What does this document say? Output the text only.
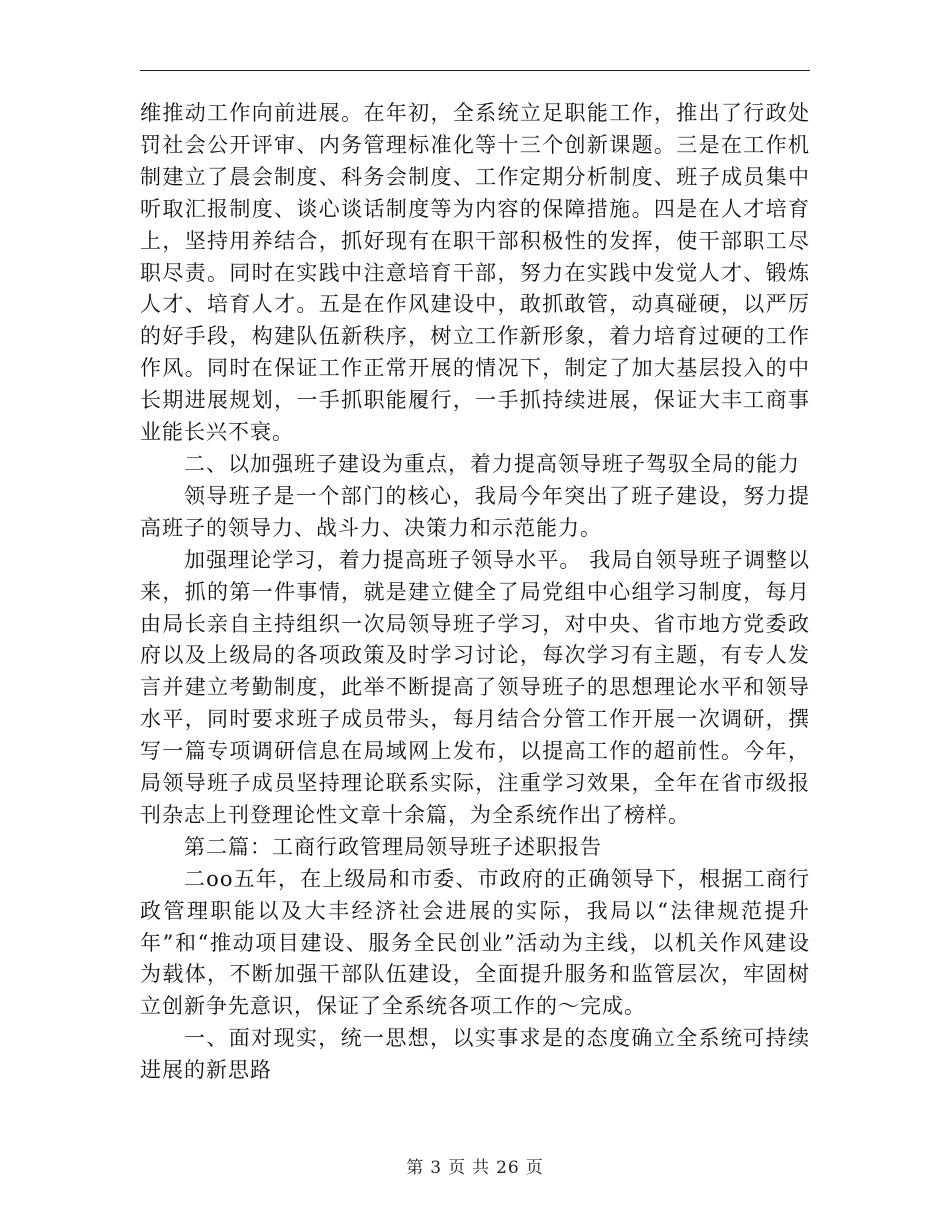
维推动工作向前进展。在年初，全系统立足职能工作，推出了行政处罚社会公开评审、内务管理标准化等十三个创新课题。三是在工作机制建立了晨会制度、科务会制度、工作定期分析制度、班子成员集中听取汇报制度、谈心谈话制度等为内容的保障措施。四是在人才培育上，坚持用养结合，抓好现有在职干部积极性的发挥，使干部职工尽职尽责。同时在实践中注意培育干部，努力在实践中发觉人才、锻炼人才、培育人才。五是在作风建设中，敢抓敢管，动真碰硬，以严厉的好手段，构建队伍新秩序，树立工作新形象，着力培育过硬的工作作风。同时在保证工作正常开展的情况下，制定了加大基层投入的中长期进展规划，一手抓职能履行，一手抓持续进展，保证大丰工商事业能长兴不衰。

二、以加强班子建设为重点，着力提高领导班子驾驭全局的能力

领导班子是一个部门的核心，我局今年突出了班子建设，努力提高班子的领导力、战斗力、决策力和示范能力。

加强理论学习，着力提高班子领导水平。 我局自领导班子调整以来，抓的第一件事情，就是建立健全了局党组中心组学习制度，每月由局长亲自主持组织一次局领导班子学习，对中央、省市地方党委政府以及上级局的各项政策及时学习讨论，每次学习有主题，有专人发言并建立考勤制度，此举不断提高了领导班子的思想理论水平和领导水平，同时要求班子成员带头，每月结合分管工作开展一次调研，撰写一篇专项调研信息在局域网上发布，以提高工作的超前性。今年，局领导班子成员坚持理论联系实际，注重学习效果，全年在省市级报刊杂志上刊登理论性文章十余篇，为全系统作出了榜样。

第二篇：工商行政管理局领导班子述职报告

二oo五年，在上级局和市委、市政府的正确领导下，根据工商行政管理职能以及大丰经济社会进展的实际，我局以“法律规范提升年”和“推动项目建设、服务全民创业”活动为主线，以机关作风建设为载体，不断加强干部队伍建设，全面提升服务和监管层次，牢固树立创新争先意识，保证了全系统各项工作的～完成。

一、面对现实，统一思想，以实事求是的态度确立全系统可持续进展的新思路

第 3 页 共 26 页
